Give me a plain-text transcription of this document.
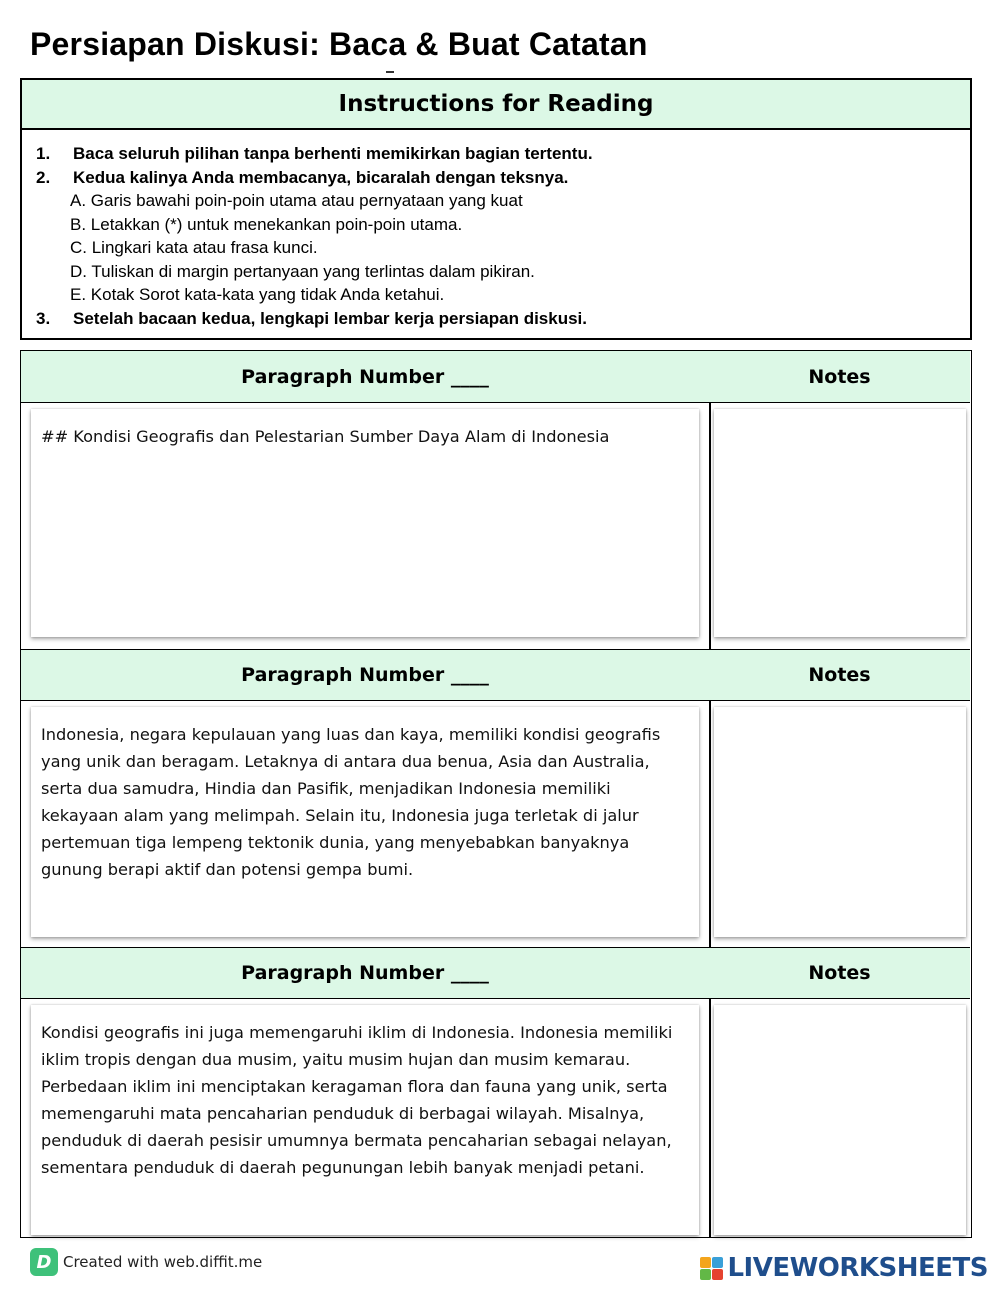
Persiapan Diskusi: Baca & Buat Catatan
Instructions for Reading
1.	Baca seluruh pilihan tanpa berhenti memikirkan bagian tertentu.
2.	Kedua kalinya Anda membacanya, bicaralah dengan teksnya.
A. Garis bawahi poin-poin utama atau pernyataan yang kuat
B. Letakkan (*) untuk menekankan poin-poin utama.
C. Lingkari kata atau frasa kunci.
D. Tuliskan di margin pertanyaan yang terlintas dalam pikiran.
E. Kotak Sorot kata-kata yang tidak Anda ketahui.
3.	Setelah bacaan kedua, lengkapi lembar kerja persiapan diskusi.
Paragraph Number ____	Notes
## Kondisi Geografis dan Pelestarian Sumber Daya Alam di Indonesia
Paragraph Number ____	Notes
Indonesia, negara kepulauan yang luas dan kaya, memiliki kondisi geografis yang unik dan beragam. Letaknya di antara dua benua, Asia dan Australia, serta dua samudra, Hindia dan Pasifik, menjadikan Indonesia memiliki kekayaan alam yang melimpah. Selain itu, Indonesia juga terletak di jalur pertemuan tiga lempeng tektonik dunia, yang menyebabkan banyaknya gunung berapi aktif dan potensi gempa bumi.
Paragraph Number ____	Notes
Kondisi geografis ini juga memengaruhi iklim di Indonesia. Indonesia memiliki iklim tropis dengan dua musim, yaitu musim hujan dan musim kemarau. Perbedaan iklim ini menciptakan keragaman flora dan fauna yang unik, serta memengaruhi mata pencaharian penduduk di berbagai wilayah. Misalnya, penduduk di daerah pesisir umumnya bermata pencaharian sebagai nelayan, sementara penduduk di daerah pegunungan lebih banyak menjadi petani.
D Created with web.diffit.me	LIVEWORKSHEETS
